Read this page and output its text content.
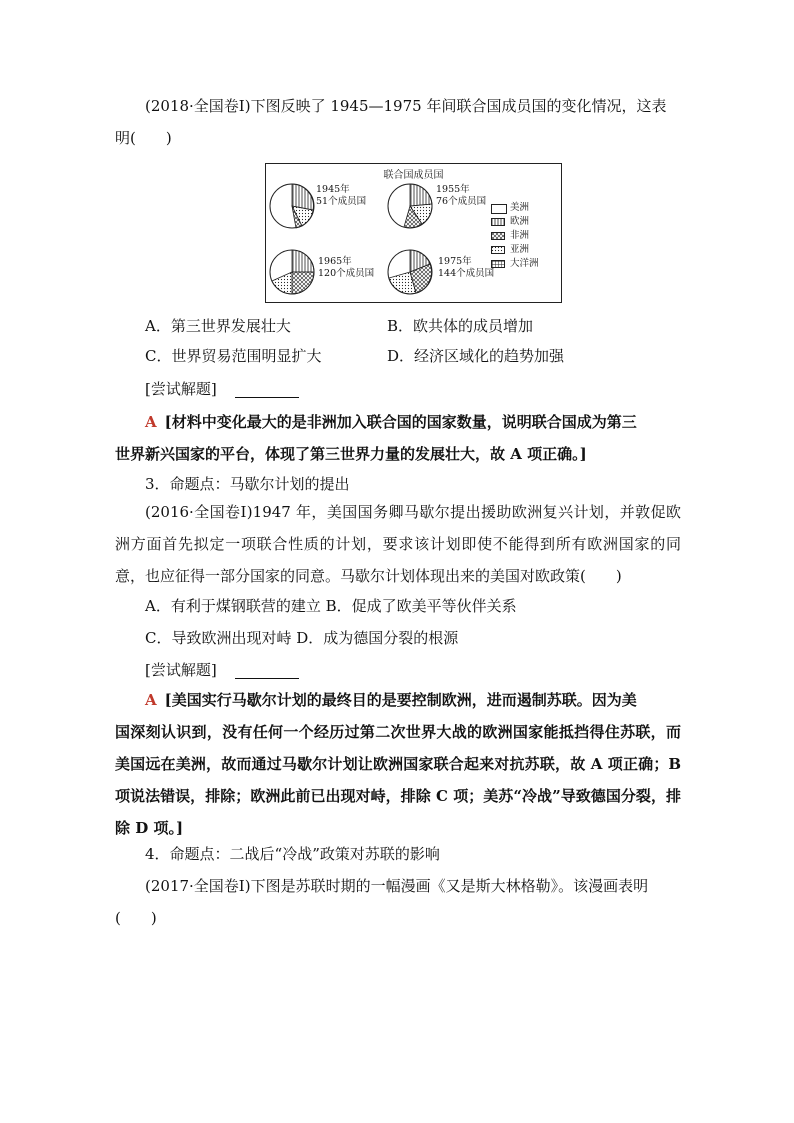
(2018·全国卷Ⅰ)下图反映了 1945—1975 年间联合国成员国的变化情况，这表

明(　　)

联合国成员国
1945年
51个成员国
1955年
76个成员国
1965年
120个成员国
1975年
144个成员国
美洲
欧洲
非洲
亚洲
大洋洲
A．第三世界发展壮大	B．欧共体的成员增加
C．世界贸易范围明显扩大	D．经济区域化的趋势加强
[尝试解题]

A [材料中变化最大的是非洲加入联合国的国家数量，说明联合国成为第三

世界新兴国家的平台，体现了第三世界力量的发展壮大，故 A 项正确。]

3．命题点：马歇尔计划的提出

(2016·全国卷Ⅰ)1947 年，美国国务卿马歇尔提出援助欧洲复兴计划，并敦促欧洲方面首先拟定一项联合性质的计划，要求该计划即使不能得到所有欧洲国家的同意，也应征得一部分国家的同意。马歇尔计划体现出来的美国对欧政策(　　)

A．有利于煤钢联营的建立 B．促成了欧美平等伙伴关系
C．导致欧洲出现对峙 D．成为德国分裂的根源
[尝试解题]

A [美国实行马歇尔计划的最终目的是要控制欧洲，进而遏制苏联。因为美

国深刻认识到，没有任何一个经历过第二次世界大战的欧洲国家能抵挡得住苏联，而美国远在美洲，故而通过马歇尔计划让欧洲国家联合起来对抗苏联，故 A 项正确；B 项说法错误，排除；欧洲此前已出现对峙，排除 C 项；美苏“冷战”导致德国分裂，排除 D 项。]

4．命题点：二战后“冷战”政策对苏联的影响

(2017·全国卷Ⅰ)下图是苏联时期的一幅漫画《又是斯大林格勒》。该漫画表明

(　　)
